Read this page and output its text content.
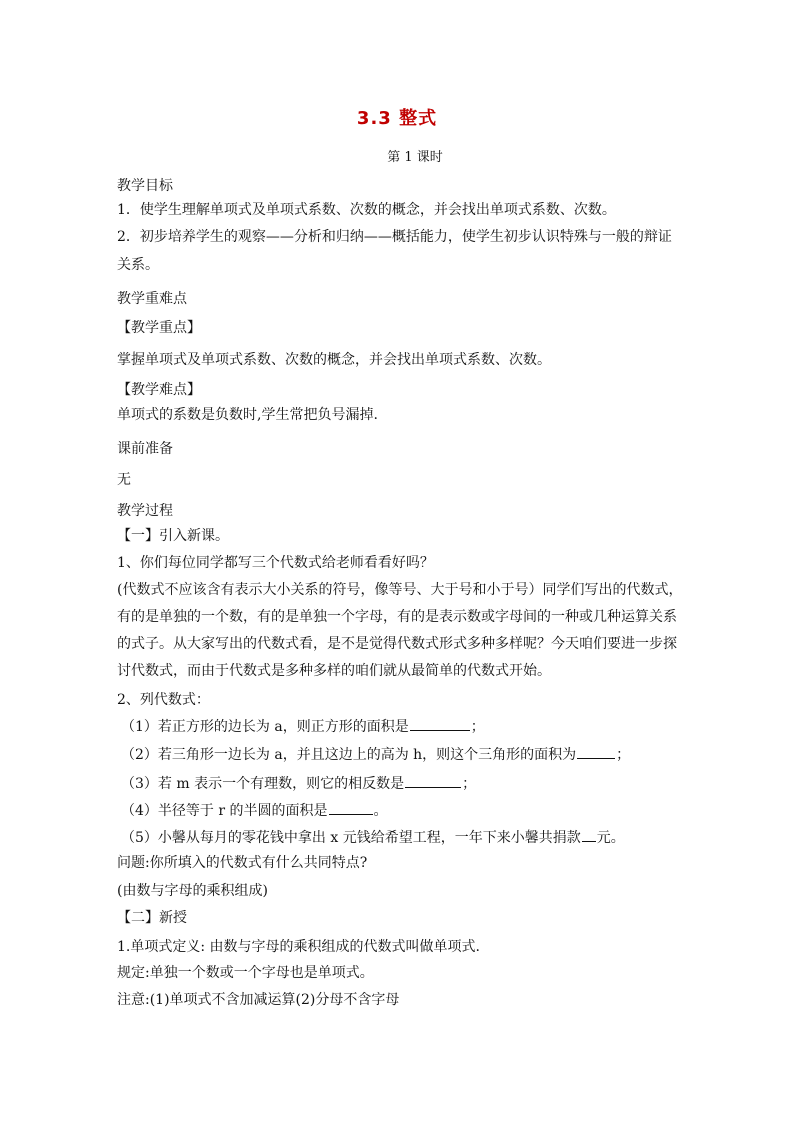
3.3 整式
第 1 课时
教学目标
1．使学生理解单项式及单项式系数、次数的概念，并会找出单项式系数、次数。
2．初步培养学生的观察——分析和归纳——概括能力，使学生初步认识特殊与一般的辩证
关系。
教学重难点
【教学重点】
掌握单项式及单项式系数、次数的概念，并会找出单项式系数、次数。
【教学难点】
单项式的系数是负数时,学生常把负号漏掉.
课前准备
无
教学过程
【一】引入新课。
1、你们每位同学都写三个代数式给老师看看好吗？
(代数式不应该含有表示大小关系的符号，像等号、大于号和小于号）同学们写出的代数式，
有的是单独的一个数，有的是单独一个字母，有的是表示数或字母间的一种或几种运算关系
的式子。从大家写出的代数式看，是不是觉得代数式形式多种多样呢？今天咱们要进一步探
讨代数式，而由于代数式是多种多样的咱们就从最简单的代数式开始。
2、列代数式：
（1）若正方形的边长为 a，则正方形的面积是	；
（2）若三角形一边长为 a，并且这边上的高为 h，则这个三角形的面积为	；
（3）若 m 表示一个有理数，则它的相反数是	；
（4）半径等于 r 的半圆的面积是	。
（5）小馨从每月的零花钱中拿出 x 元钱给希望工程，一年下来小馨共捐款 元。
问题:你所填入的代数式有什么共同特点?
(由数与字母的乘积组成)
【二】新授
1.单项式定义: 由数与字母的乘积组成的代数式叫做单项式.
规定:单独一个数或一个字母也是单项式。
注意:(1)单项式不含加减运算(2)分母不含字母
